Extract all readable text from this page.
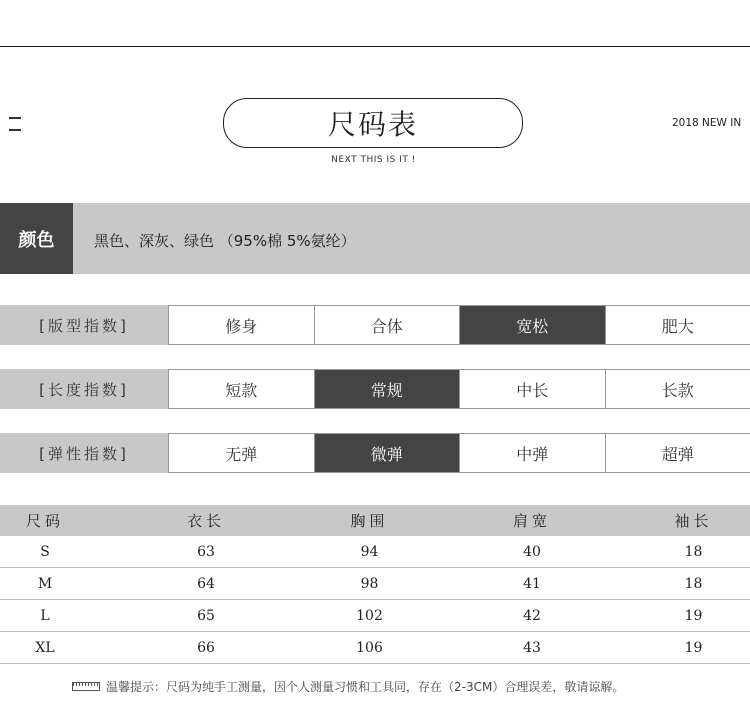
尺码表
NEXT THIS IS IT !
2018 NEW IN
颜色	黑色、深灰、绿色 （95%棉 5%氨纶）
[版型指数]	修身	合体	宽松	肥大
[长度指数]	短款	常规	中长	长款
[弹性指数]	无弹	微弹	中弹	超弹
尺码	衣长	胸围	肩宽	袖长
S	63	94	40	18
M	64	98	41	18
L	65	102	42	19
XL	66	106	43	19
温馨提示：尺码为纯手工测量，因个人测量习惯和工具同，存在（2-3CM）合理误差，敬请谅解。
